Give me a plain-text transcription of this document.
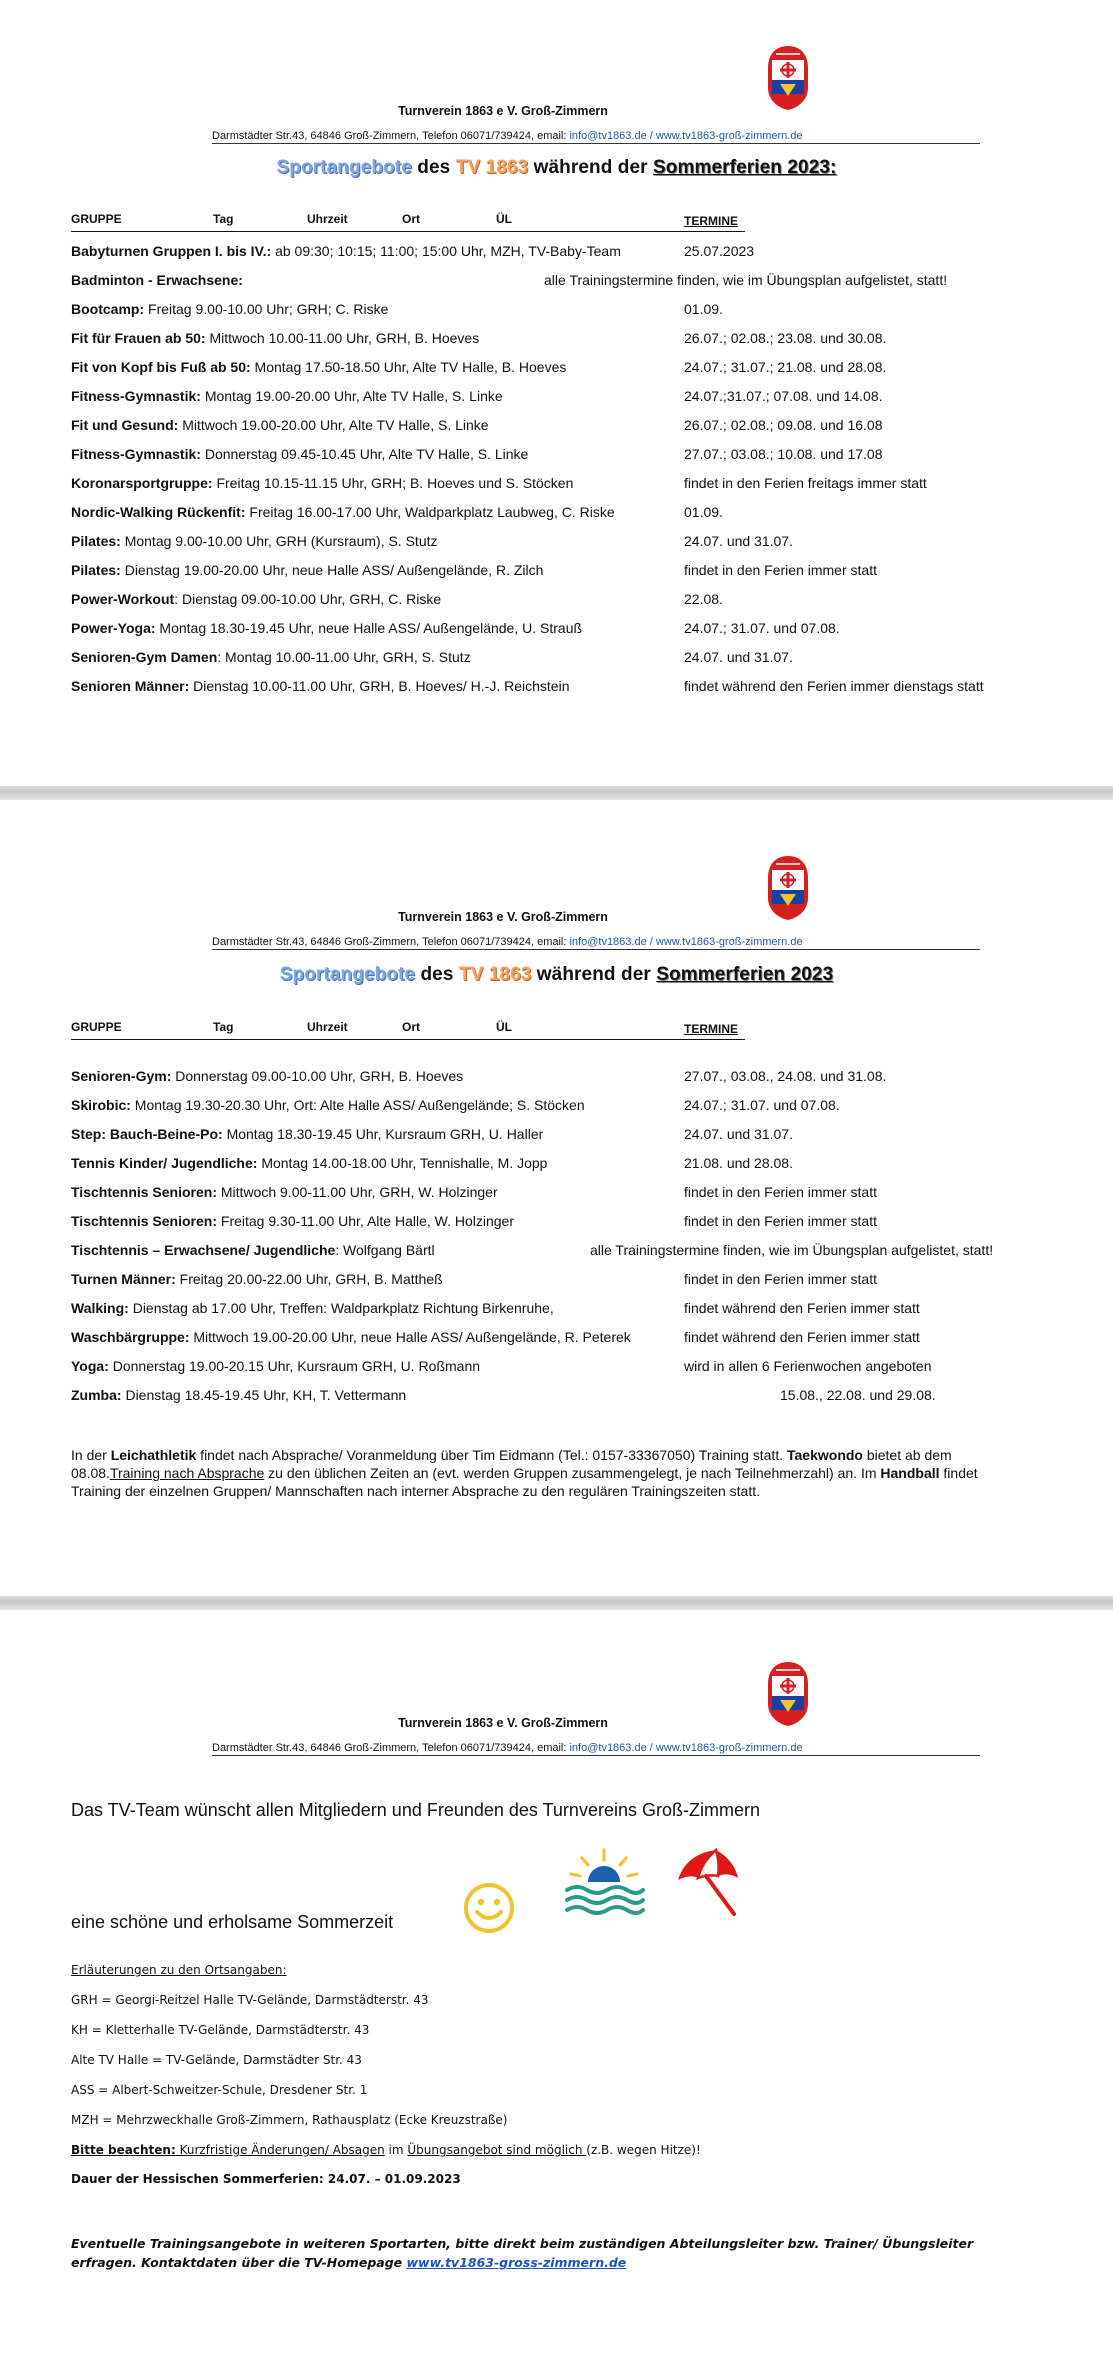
Turnverein 1863 e V. Groß-Zimmern
Darmstädter Str.43, 64846 Groß-Zimmern, Telefon 06071/739424, email: info@tv1863.de / www.tv1863-groß-zimmern.de
Sportangebote des TV 1863 während der Sommerferien 2023:
GRUPPE	Tag	Uhrzeit	Ort	ÜL	TERMINE
Babyturnen Gruppen I. bis IV.: ab 09:30; 10:15; 11:00; 15:00 Uhr, MZH, TV-Baby-Team	25.07.2023
Badminton - Erwachsene:	alle Trainingstermine finden, wie im Übungsplan aufgelistet, statt!
Bootcamp: Freitag 9.00-10.00 Uhr; GRH; C. Riske	01.09.
Fit für Frauen ab 50: Mittwoch 10.00-11.00 Uhr, GRH, B. Hoeves	26.07.; 02.08.; 23.08. und 30.08.
Fit von Kopf bis Fuß ab 50: Montag 17.50-18.50 Uhr, Alte TV Halle, B. Hoeves	24.07.; 31.07.; 21.08. und 28.08.
Fitness-Gymnastik: Montag 19.00-20.00 Uhr, Alte TV Halle, S. Linke	24.07.;31.07.; 07.08. und 14.08.
Fit und Gesund: Mittwoch 19.00-20.00 Uhr, Alte TV Halle, S. Linke	26.07.; 02.08.; 09.08. und 16.08
Fitness-Gymnastik: Donnerstag 09.45-10.45 Uhr, Alte TV Halle, S. Linke	27.07.; 03.08.; 10.08. und 17.08
Koronarsportgruppe: Freitag 10.15-11.15 Uhr, GRH; B. Hoeves und S. Stöcken	findet in den Ferien freitags immer statt
Nordic-Walking Rückenfit: Freitag 16.00-17.00 Uhr, Waldparkplatz Laubweg, C. Riske	01.09.
Pilates: Montag 9.00-10.00 Uhr, GRH (Kursraum), S. Stutz	24.07. und 31.07.
Pilates: Dienstag 19.00-20.00 Uhr, neue Halle ASS/ Außengelände, R. Zilch	findet in den Ferien immer statt
Power-Workout: Dienstag 09.00-10.00 Uhr, GRH, C. Riske	22.08.
Power-Yoga: Montag 18.30-19.45 Uhr, neue Halle ASS/ Außengelände, U. Strauß	24.07.; 31.07. und 07.08.
Senioren-Gym Damen: Montag 10.00-11.00 Uhr, GRH, S. Stutz	24.07. und 31.07.
Senioren Männer: Dienstag 10.00-11.00 Uhr, GRH, B. Hoeves/ H.-J. Reichstein	findet während den Ferien immer dienstags statt
Turnverein 1863 e V. Groß-Zimmern
Darmstädter Str.43, 64846 Groß-Zimmern, Telefon 06071/739424, email: info@tv1863.de / www.tv1863-groß-zimmern.de
Sportangebote des TV 1863 während der Sommerferien 2023
GRUPPE	Tag	Uhrzeit	Ort	ÜL	TERMINE
Senioren-Gym: Donnerstag 09.00-10.00 Uhr, GRH, B. Hoeves	27.07., 03.08., 24.08. und 31.08.
Skirobic: Montag 19.30-20.30 Uhr, Ort: Alte Halle ASS/ Außengelände; S. Stöcken	24.07.; 31.07. und 07.08.
Step: Bauch-Beine-Po: Montag 18.30-19.45 Uhr, Kursraum GRH, U. Haller	24.07. und 31.07.
Tennis Kinder/ Jugendliche: Montag 14.00-18.00 Uhr, Tennishalle, M. Jopp	21.08. und 28.08.
Tischtennis Senioren: Mittwoch 9.00-11.00 Uhr, GRH, W. Holzinger	findet in den Ferien immer statt
Tischtennis Senioren: Freitag 9.30-11.00 Uhr, Alte Halle, W. Holzinger	findet in den Ferien immer statt
Tischtennis – Erwachsene/ Jugendliche: Wolfgang Bärtl	alle Trainingstermine finden, wie im Übungsplan aufgelistet, statt!
Turnen Männer: Freitag 20.00-22.00 Uhr, GRH, B. Mattheß	findet in den Ferien immer statt
Walking: Dienstag ab 17.00 Uhr, Treffen: Waldparkplatz Richtung Birkenruhe,	findet während den Ferien immer statt
Waschbärgruppe: Mittwoch 19.00-20.00 Uhr, neue Halle ASS/ Außengelände, R. Peterek	findet während den Ferien immer statt
Yoga: Donnerstag 19.00-20.15 Uhr, Kursraum GRH, U. Roßmann	wird in allen 6 Ferienwochen angeboten
Zumba: Dienstag 18.45-19.45 Uhr, KH, T. Vettermann	15.08., 22.08. und 29.08.
In der Leichathletik findet nach Absprache/ Voranmeldung über Tim Eidmann (Tel.: 0157-33367050) Training statt. Taekwondo bietet ab dem 08.08.Training nach Absprache zu den üblichen Zeiten an (evt. werden Gruppen zusammengelegt, je nach Teilnehmerzahl) an. Im Handball findet Training der einzelnen Gruppen/ Mannschaften nach interner Absprache zu den regulären Trainingszeiten statt.
Turnverein 1863 e V. Groß-Zimmern
Darmstädter Str.43, 64846 Groß-Zimmern, Telefon 06071/739424, email: info@tv1863.de / www.tv1863-groß-zimmern.de
Das TV-Team wünscht allen Mitgliedern und Freunden des Turnvereins Groß-Zimmern
eine schöne und erholsame Sommerzeit
Erläuterungen zu den Ortsangaben:
GRH = Georgi-Reitzel Halle TV-Gelände, Darmstädterstr. 43
KH = Kletterhalle TV-Gelände, Darmstädterstr. 43
Alte TV Halle = TV-Gelände, Darmstädter Str. 43
ASS = Albert-Schweitzer-Schule, Dresdener Str. 1
MZH = Mehrzweckhalle Groß-Zimmern, Rathausplatz (Ecke Kreuzstraße)
Bitte beachten: Kurzfristige Änderungen/ Absagen im Übungsangebot sind möglich (z.B. wegen Hitze)!
Dauer der Hessischen Sommerferien: 24.07. – 01.09.2023
Eventuelle Trainingsangebote in weiteren Sportarten, bitte direkt beim zuständigen Abteilungsleiter bzw. Trainer/ Übungsleiter erfragen. Kontaktdaten über die TV-Homepage www.tv1863-gross-zimmern.de
